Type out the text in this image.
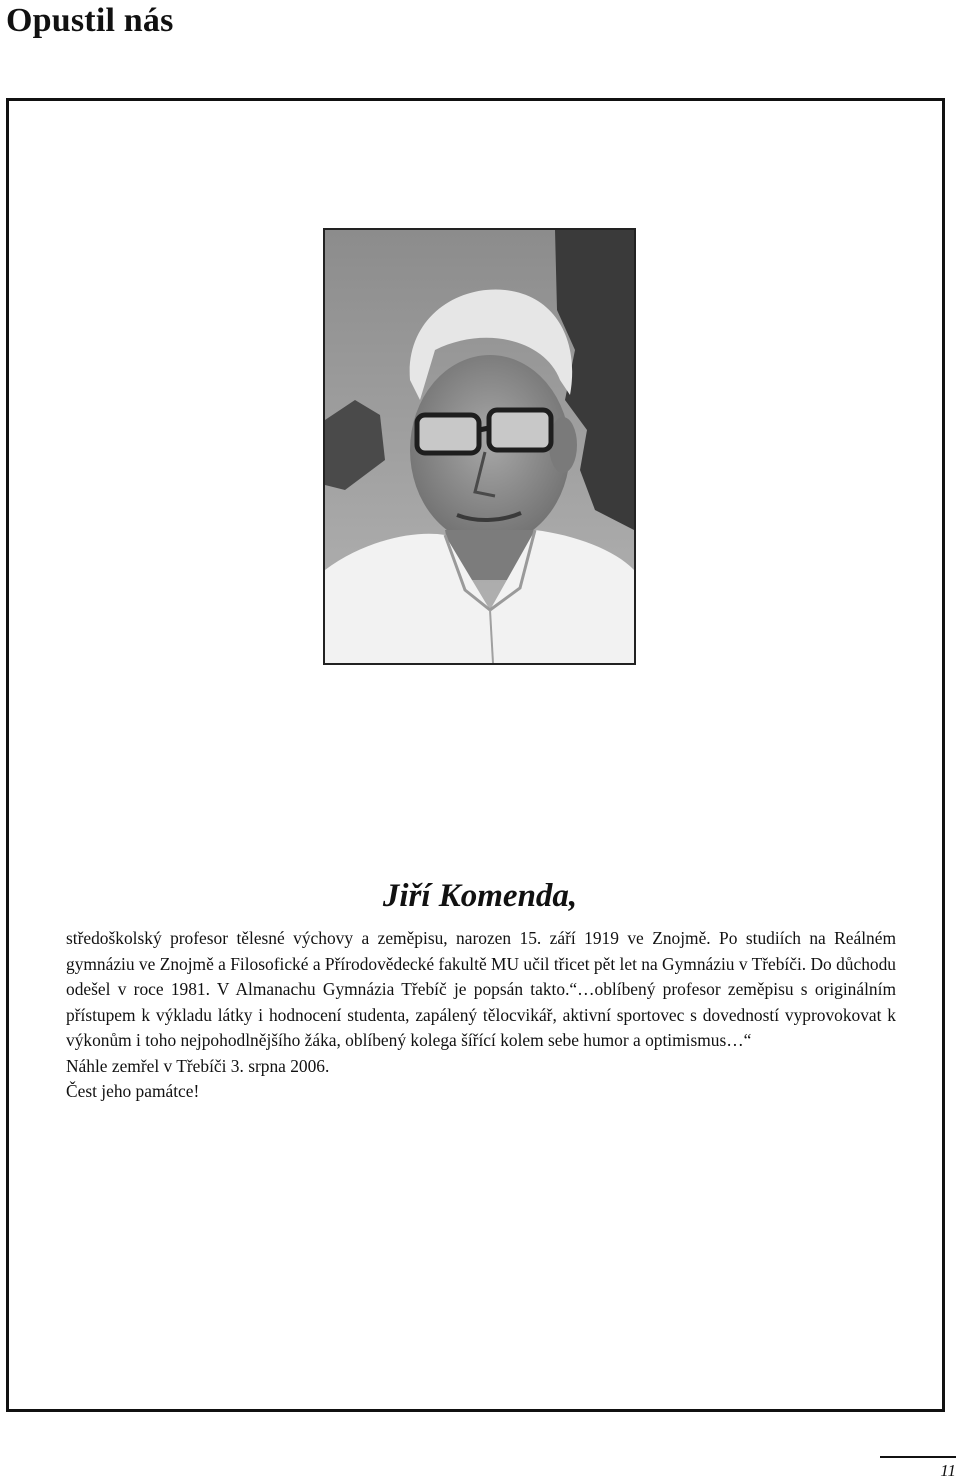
Opustil nás
Jiří Komenda,

středoškolský profesor tělesné výchovy a zeměpisu, narozen 15. září 1919 ve Znojmě. Po studiích na Reálném gymnáziu ve Znojmě a Filosofické a Přírodovědecké fakultě MU učil třicet pět let na Gymnáziu v Třebíči. Do důchodu odešel v roce 1981. V Almanachu Gymnázia Třebíč je popsán takto.“…oblíbený profesor zeměpisu s originálním přístupem k výkladu látky i hodnocení studenta, zapálený tělocvikář, aktivní sportovec s dovedností vyprovokovat k výkonům i toho nejpohodlnějšího žáka, oblíbený kolega šířící kolem sebe humor a optimismus…“

Náhle zemřel v Třebíči 3. srpna 2006.

Čest jeho památce!

11
